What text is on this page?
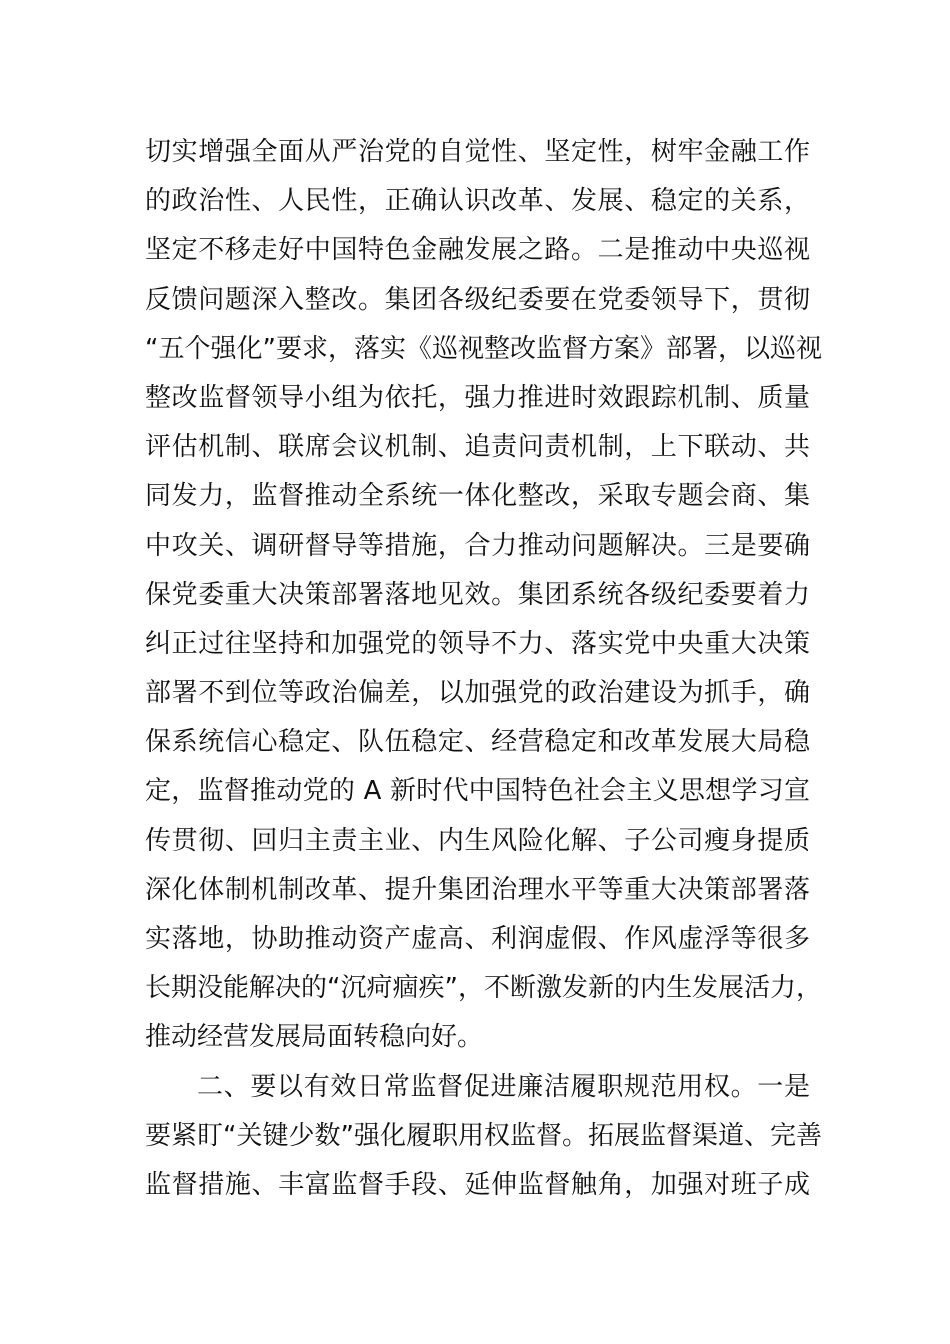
切实增强全面从严治党的自觉性、坚定性，树牢金融工作
的政治性、人民性，正确认识改革、发展、稳定的关系，
坚定不移走好中国特色金融发展之路。二是推动中央巡视
反馈问题深入整改。集团各级纪委要在党委领导下，贯彻
“五个强化”要求，落实《巡视整改监督方案》部署，以巡视
整改监督领导小组为依托，强力推进时效跟踪机制、质量
评估机制、联席会议机制、追责问责机制，上下联动、共
同发力，监督推动全系统一体化整改，采取专题会商、集
中攻关、调研督导等措施，合力推动问题解决。三是要确
保党委重大决策部署落地见效。集团系统各级纪委要着力
纠正过往坚持和加强党的领导不力、落实党中央重大决策
部署不到位等政治偏差，以加强党的政治建设为抓手，确
保系统信心稳定、队伍稳定、经营稳定和改革发展大局稳
定，监督推动党的 A 新时代中国特色社会主义思想学习宣
传贯彻、回归主责主业、内生风险化解、子公司瘦身提质
深化体制机制改革、提升集团治理水平等重大决策部署落
实落地，协助推动资产虚高、利润虚假、作风虚浮等很多
长期没能解决的“沉疴痼疾”，不断激发新的内生发展活力，
推动经营发展局面转稳向好。
二、要以有效日常监督促进廉洁履职规范用权。一是
要紧盯“关键少数”强化履职用权监督。拓展监督渠道、完善
监督措施、丰富监督手段、延伸监督触角，加强对班子成
